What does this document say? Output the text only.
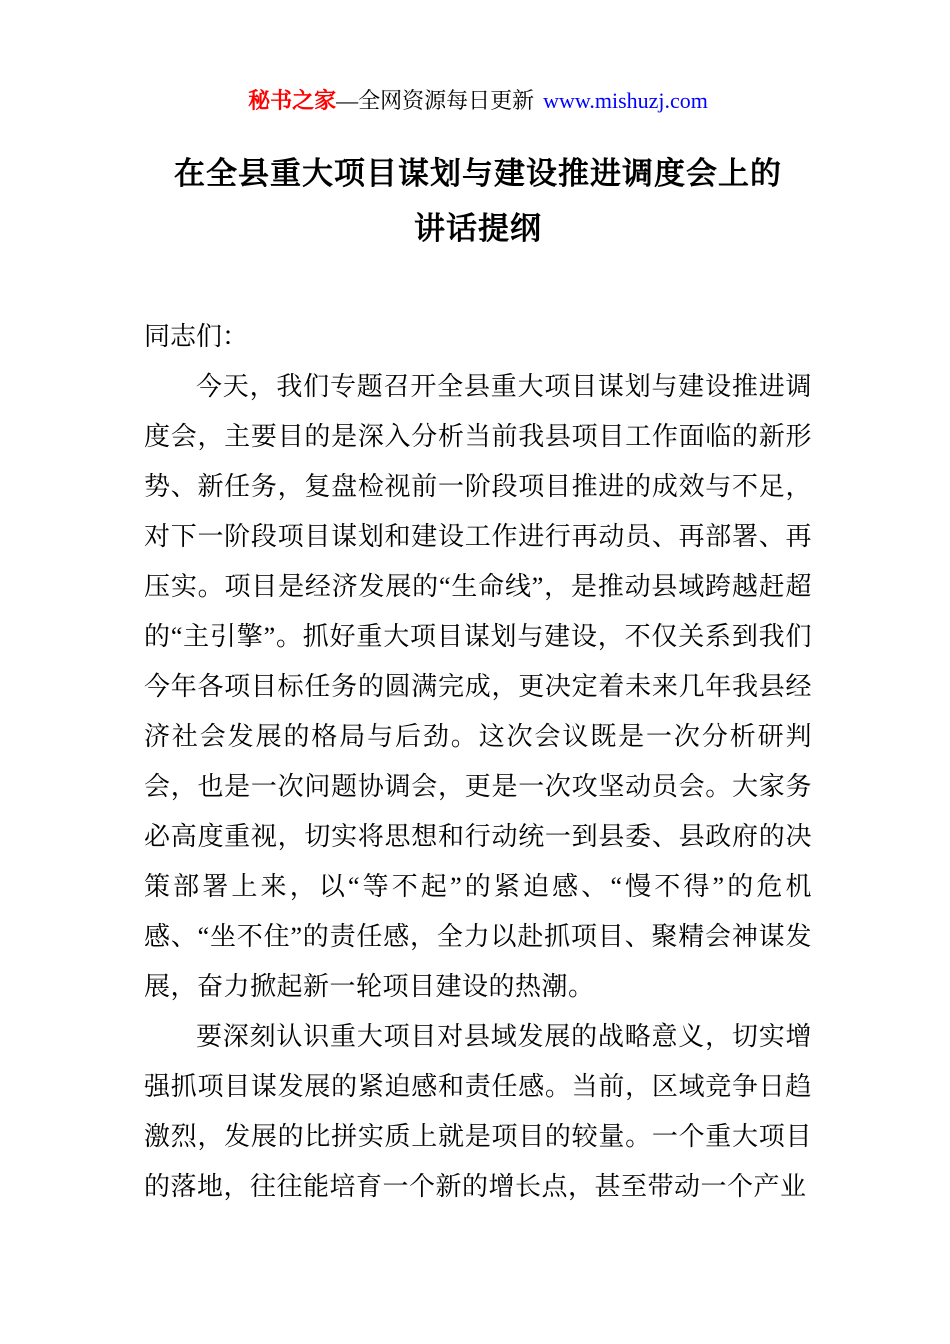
秘书之家—全网资源每日更新 www.mishuzj.com
在全县重大项目谋划与建设推进调度会上的
讲话提纲

同志们：

今天，我们专题召开全县重大项目谋划与建设推进调度会，主要目的是深入分析当前我县项目工作面临的新形势、新任务，复盘检视前一阶段项目推进的成效与不足，对下一阶段项目谋划和建设工作进行再动员、再部署、再压实。项目是经济发展的“生命线”，是推动县域跨越赶超的“主引擎”。抓好重大项目谋划与建设，不仅关系到我们今年各项目标任务的圆满完成，更决定着未来几年我县经济社会发展的格局与后劲。这次会议既是一次分析研判会，也是一次问题协调会，更是一次攻坚动员会。大家务必高度重视，切实将思想和行动统一到县委、县政府的决策部署上来，以“等不起”的紧迫感、“慢不得”的危机感、“坐不住”的责任感，全力以赴抓项目、聚精会神谋发展，奋力掀起新一轮项目建设的热潮。

要深刻认识重大项目对县域发展的战略意义，切实增强抓项目谋发展的紧迫感和责任感。当前，区域竞争日趋激烈，发展的比拼实质上就是项目的较量。一个重大项目的落地，往往能培育一个新的增长点，甚至带动一个产业
